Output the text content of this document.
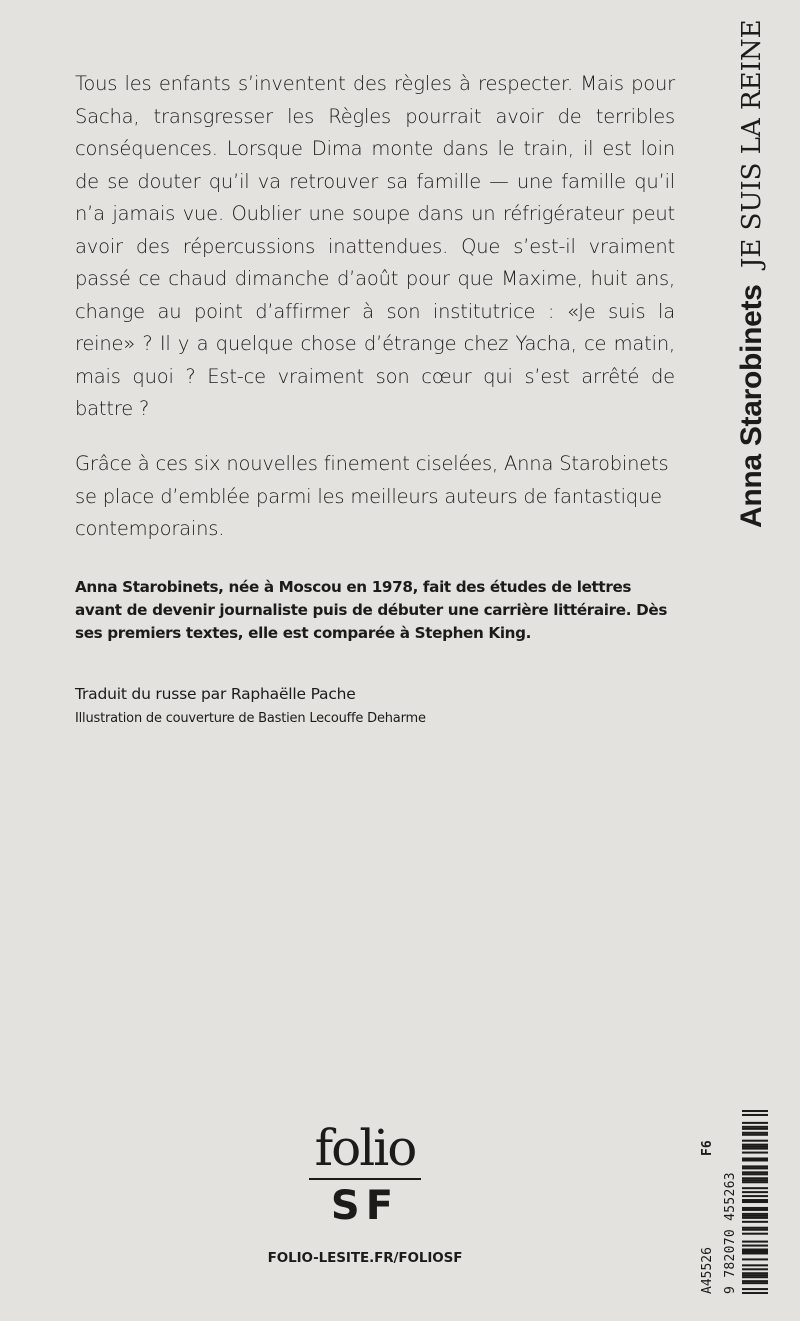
Tous les enfants s’inventent des règles à respecter. Mais pour Sacha, transgresser les Règles pourrait avoir de terribles conséquences. Lorsque Dima monte dans le train, il est loin de se douter qu’il va retrouver sa famille — une famille qu’il n’a jamais vue. Oublier une soupe dans un réfrigérateur peut avoir des répercussions inattendues. Que s’est-il vraiment passé ce chaud dimanche d’août pour que Maxime, huit ans, change au point d’affirmer à son institutrice : «Je suis la reine» ? Il y a quelque chose d’étrange chez Yacha, ce matin, mais quoi ? Est-ce vraiment son cœur qui s’est arrêté de battre ?

Grâce à ces six nouvelles finement ciselées, Anna Starobinets se place d’emblée parmi les meilleurs auteurs de fantastique contemporains.

Anna Starobinets, née à Moscou en 1978, fait des études de lettres avant de devenir journaliste puis de débuter une carrière littéraire. Dès ses premiers textes, elle est comparée à Stephen King.

Traduit du russe par Raphaëlle Pache

Illustration de couverture de Bastien Lecouffe Deharme

Anna Starobinets
JE SUIS LA REINE
folio
SF
FOLIO-LESITE.FR/FOLIOSF	A45526
F6
9 782070 455263
